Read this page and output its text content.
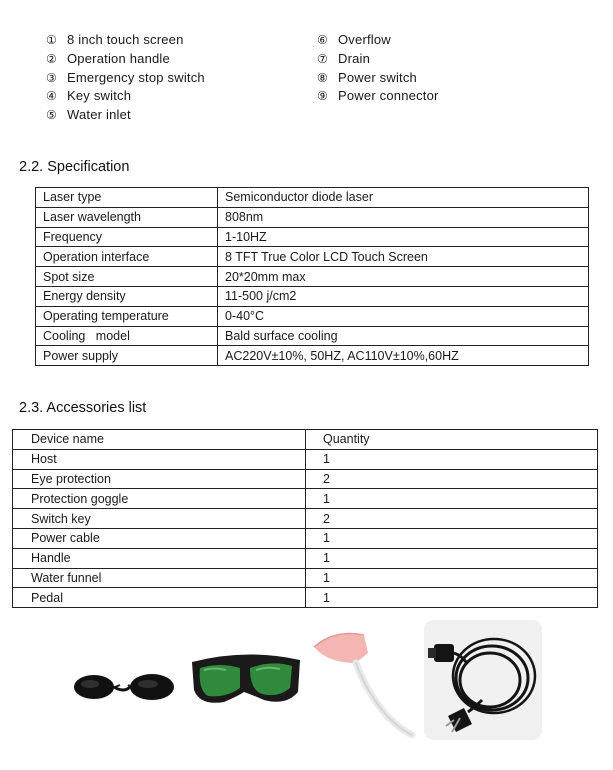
① 8 inch touch screen
② Operation handle
③ Emergency stop switch
④ Key switch
⑤ Water inlet
⑥ Overflow
⑦ Drain
⑧ Power switch
⑨ Power connector
2.2. Specification
Laser type	Semiconductor diode laser
Laser wavelength	808nm
Frequency	1-10HZ
Operation interface	8 TFT True Color LCD Touch Screen
Spot size	20*20mm max
Energy density	11-500 j/cm2
Operating temperature	0-40°C
Cooling   model	Bald surface cooling
Power supply	AC220V±10%, 50HZ, AC110V±10%,60HZ
2.3. Accessories list
Device name	Quantity
Host	1
Eye protection	2
Protection goggle	1
Switch key	2
Power cable	1
Handle	1
Water funnel	1
Pedal	1
